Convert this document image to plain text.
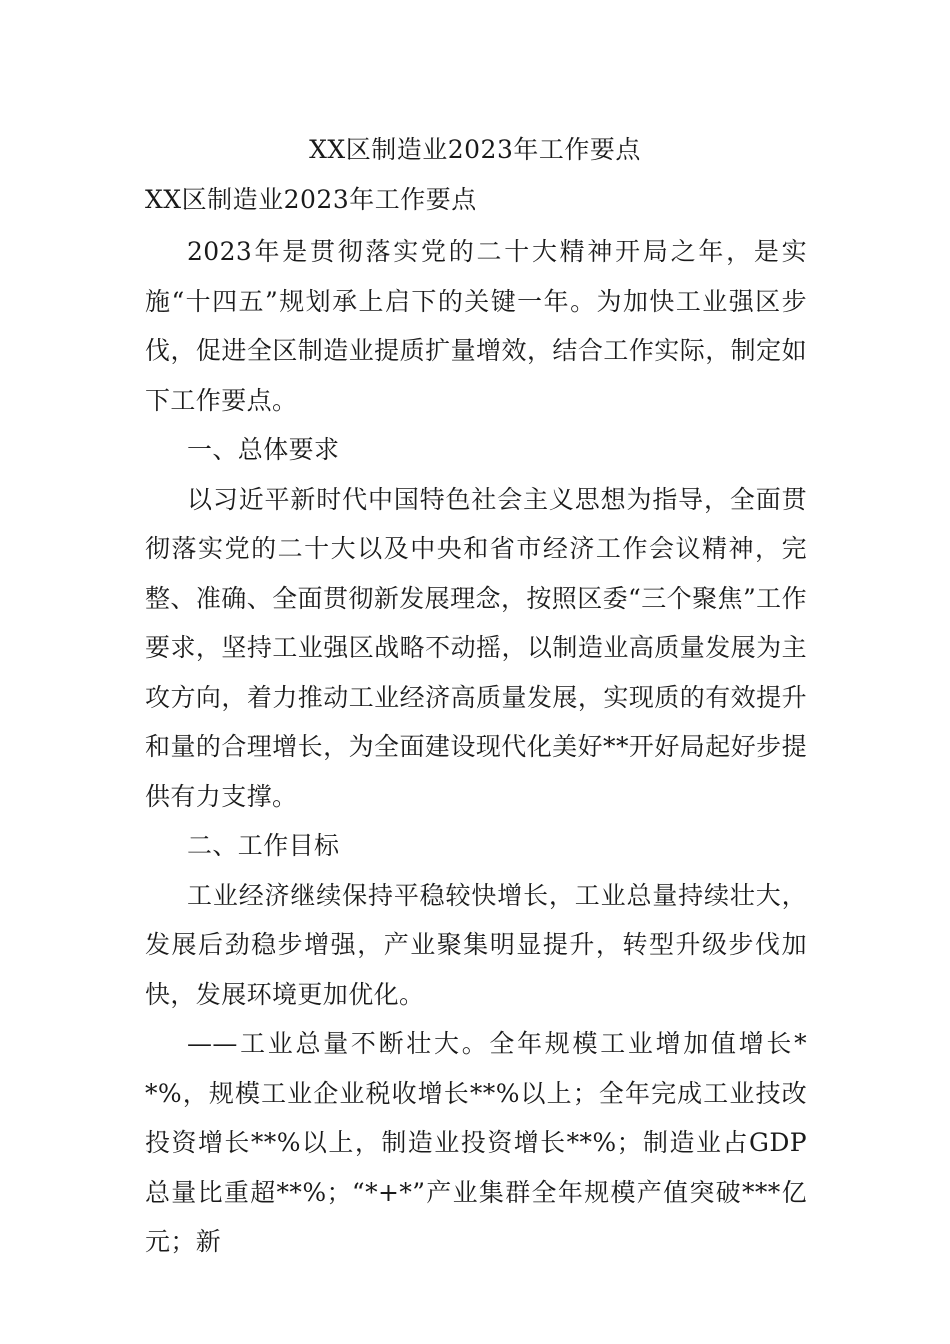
XX区制造业2023年工作要点
XX区制造业2023年工作要点

2023年是贯彻落实党的二十大精神开局之年，是实施“十四五”规划承上启下的关键一年。为加快工业强区步伐，促进全区制造业提质扩量增效，结合工作实际，制定如下工作要点。

一、总体要求

以习近平新时代中国特色社会主义思想为指导，全面贯彻落实党的二十大以及中央和省市经济工作会议精神，完整、准确、全面贯彻新发展理念，按照区委“三个聚焦”工作要求，坚持工业强区战略不动摇，以制造业高质量发展为主攻方向，着力推动工业经济高质量发展，实现质的有效提升和量的合理增长，为全面建设现代化美好**开好局起好步提供有力支撑。

二、工作目标

工业经济继续保持平稳较快增长，工业总量持续壮大，发展后劲稳步增强，产业聚集明显提升，转型升级步伐加快，发展环境更加优化。

——工业总量不断壮大。全年规模工业增加值增长**%，规模工业企业税收增长**%以上；全年完成工业技改投资增长**%以上，制造业投资增长**%；制造业占GDP总量比重超**%；“*+*”产业集群全年规模产值突破***亿元；新
